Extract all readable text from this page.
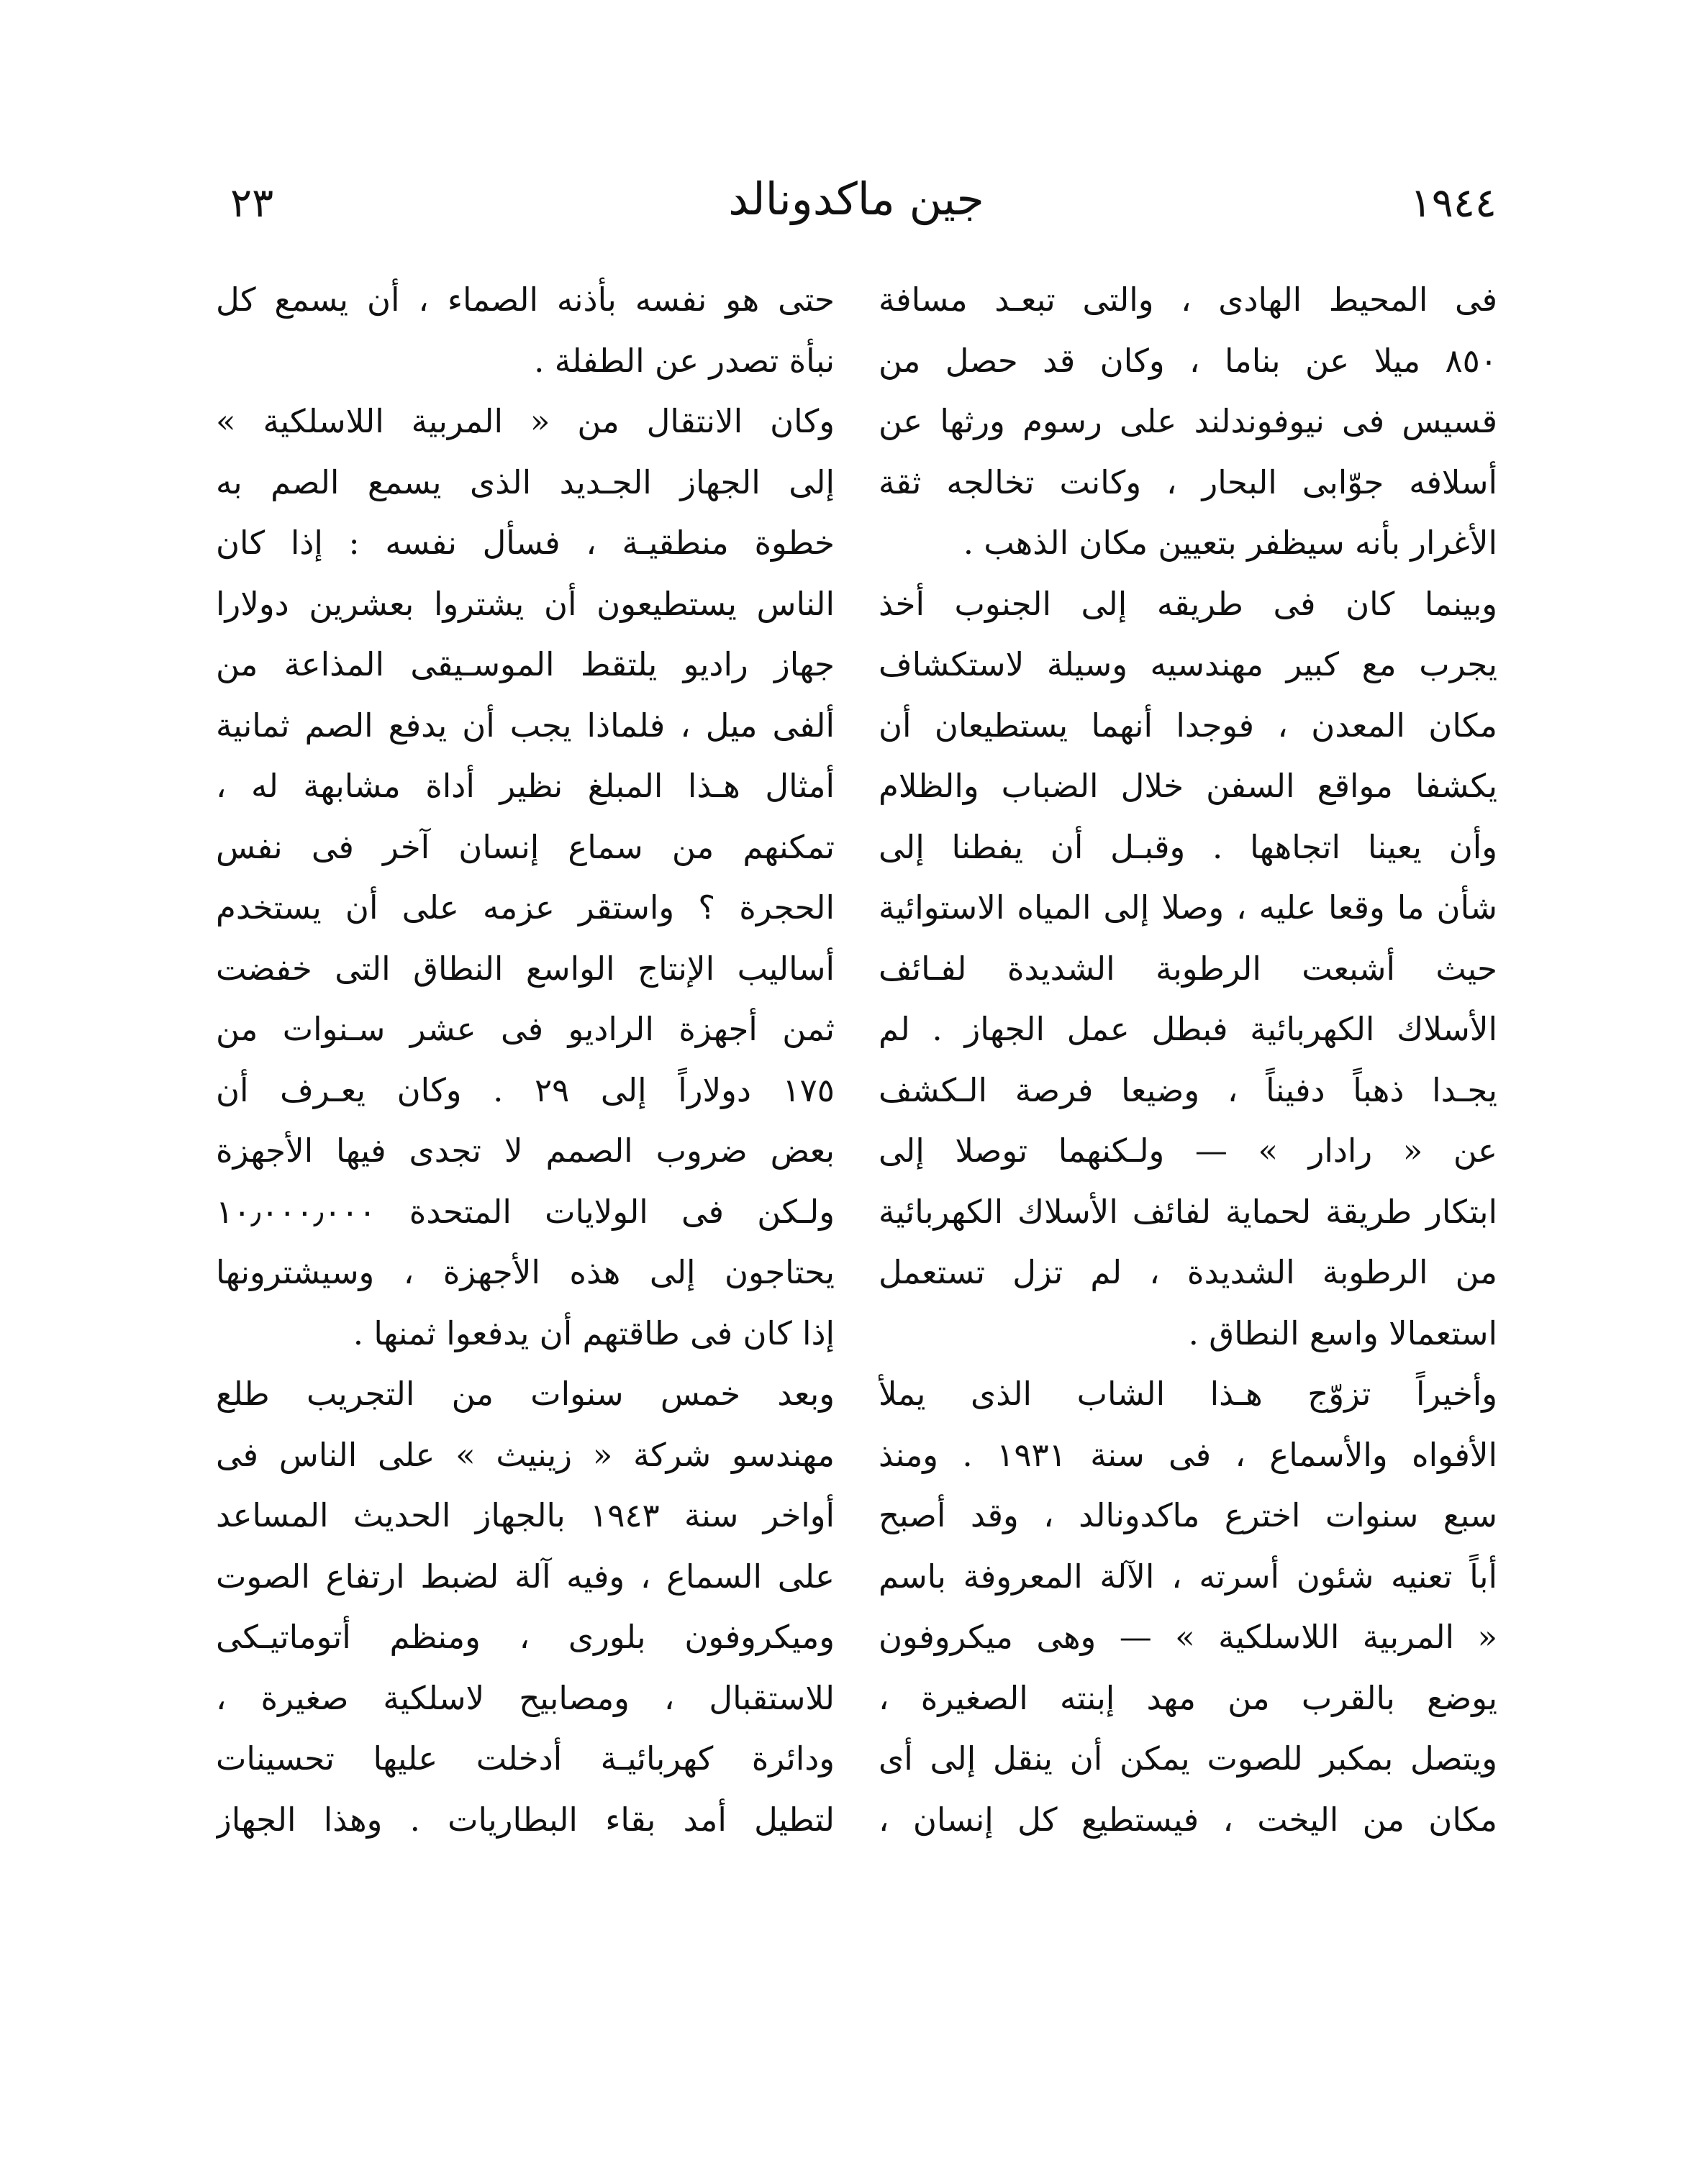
١٩٤٤
جين ماكدونالد
٢٣
فى المحيط الهادى ، والتى تبعـد مسافة
٨٥٠ ميلا عن بناما ، وكان قد حصل من
قسيس فى نيوفوندلند على رسوم ورثها عن
أسلافه جوّابى البحار ، وكانت تخالجه ثقة
الأغرار بأنه سيظفر بتعيين مكان الذهب .
وبينما كان فى طريقه إلى الجنوب أخذ
يجرب مع كبير مهندسيه وسيلة لاستكشاف
مكان المعدن ، فوجدا أنهما يستطيعان أن
يكشفا مواقع السفن خلال الضباب والظلام
وأن يعينا اتجاهها . وقبـل أن يفطنا إلى
شأن ما وقعا عليه ، وصلا إلى المياه الاستوائية
حيث أشبعت الرطوبة الشديدة لفـائف
الأسلاك الكهربائية فبطل عمل الجهاز . لم
يجـدا ذهباً دفيناً ، وضيعا فرصة الـكشف
عن « رادار » — ولـكنهما توصلا إلى
ابتكار طريقة لحماية لفائف الأسلاك الكهربائية
من الرطوبة الشديدة ، لم تزل تستعمل
استعمالا واسع النطاق .
وأخيراً تزوّج هـذا الشاب الذى يملأ
الأفواه والأسماع ، فى سنة ١٩٣١ . ومنذ
سبع سنوات اخترع ماكدونالد ، وقد أصبح
أباً تعنيه شئون أسرته ، الآلة المعروفة باسم
« المربية اللاسلكية » — وهى ميكروفون
يوضع بالقرب من مهد إبنته الصغيرة ،
ويتصل بمكبر للصوت يمكن أن ينقل إلى أى
مكان من اليخت ، فيستطيع كل إنسان ،
حتى هو نفسه بأذنه الصماء ، أن يسمع كل
نبأة تصدر عن الطفلة .
وكان الانتقال من « المربية اللاسلكية »
إلى الجهاز الجـديد الذى يسمع الصم به
خطوة منطقيـة ، فسأل نفسه : إذا كان
الناس يستطيعون أن يشتروا بعشرين دولارا
جهاز راديو يلتقط الموسـيقى المذاعة من
ألفى ميل ، فلماذا يجب أن يدفع الصم ثمانية
أمثال هـذا المبلغ نظير أداة مشابهة له ،
تمكنهم من سماع إنسان آخر فى نفس
الحجرة ؟ واستقر عزمه على أن يستخدم
أساليب الإنتاج الواسع النطاق التى خفضت
ثمن أجهزة الراديو فى عشر سـنوات من
١٧٥ دولاراً إلى ٢٩ . وكان يعـرف أن
بعض ضروب الصمم لا تجدى فيها الأجهزة
ولـكن فى الولايات المتحدة ١٠٫٠٠٠٫٠٠٠
يحتاجون إلى هذه الأجهزة ، وسيشترونها
إذا كان فى طاقتهم أن يدفعوا ثمنها .
وبعد خمس سنوات من التجريب طلع
مهندسو شركة « زينيث » على الناس فى
أواخر سنة ١٩٤٣ بالجهاز الحديث المساعد
على السماع ، وفيه آلة لضبط ارتفاع الصوت
وميكروفون بلورى ، ومنظم أتوماتيـكى
للاستقبال ، ومصابيح لاسلكية صغيرة ،
ودائرة كهربائيـة أدخلت عليها تحسينات
لتطيل أمد بقاء البطاريات . وهذا الجهاز
